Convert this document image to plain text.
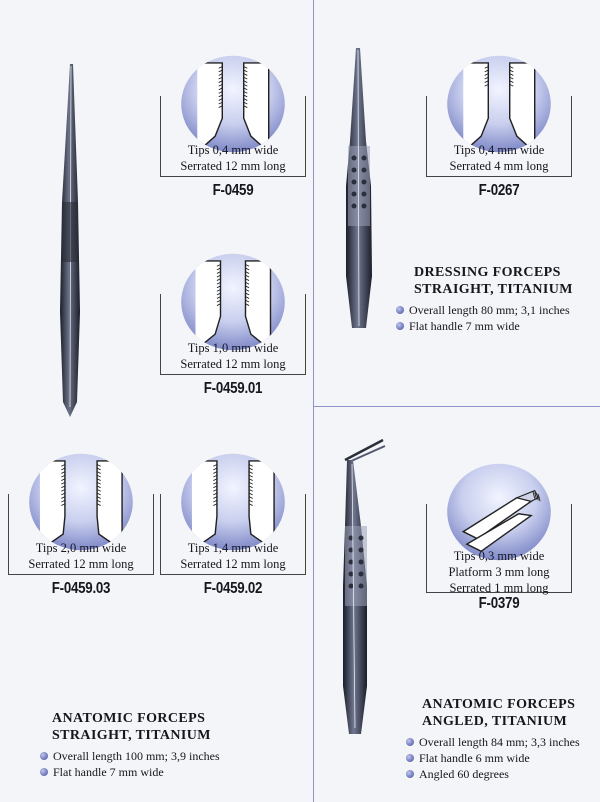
Tips 0,4 mm wide
Serrated 12 mm long
F-0459
Tips 1,0 mm wide
Serrated 12 mm long
F-0459.01
Tips 2,0 mm wide
Serrated 12 mm long
F-0459.03
Tips 1,4 mm wide
Serrated 12 mm long
F-0459.02
Tips 0,4 mm wide
Serrated 4 mm long
F-0267
Tips 0,3 mm wide
Platform 3 mm long
Serrated 1 mm long
F-0379
DRESSING FORCEPS
STRAIGHT, TITANIUM
Overall length 80 mm; 3,1 inches
Flat handle 7 mm wide
ANATOMIC FORCEPS
STRAIGHT, TITANIUM
Overall length 100 mm; 3,9 inches
Flat handle 7 mm wide
ANATOMIC FORCEPS
ANGLED, TITANIUM
Overall length 84 mm; 3,3 inches
Flat handle 6 mm wide
Angled 60 degrees
